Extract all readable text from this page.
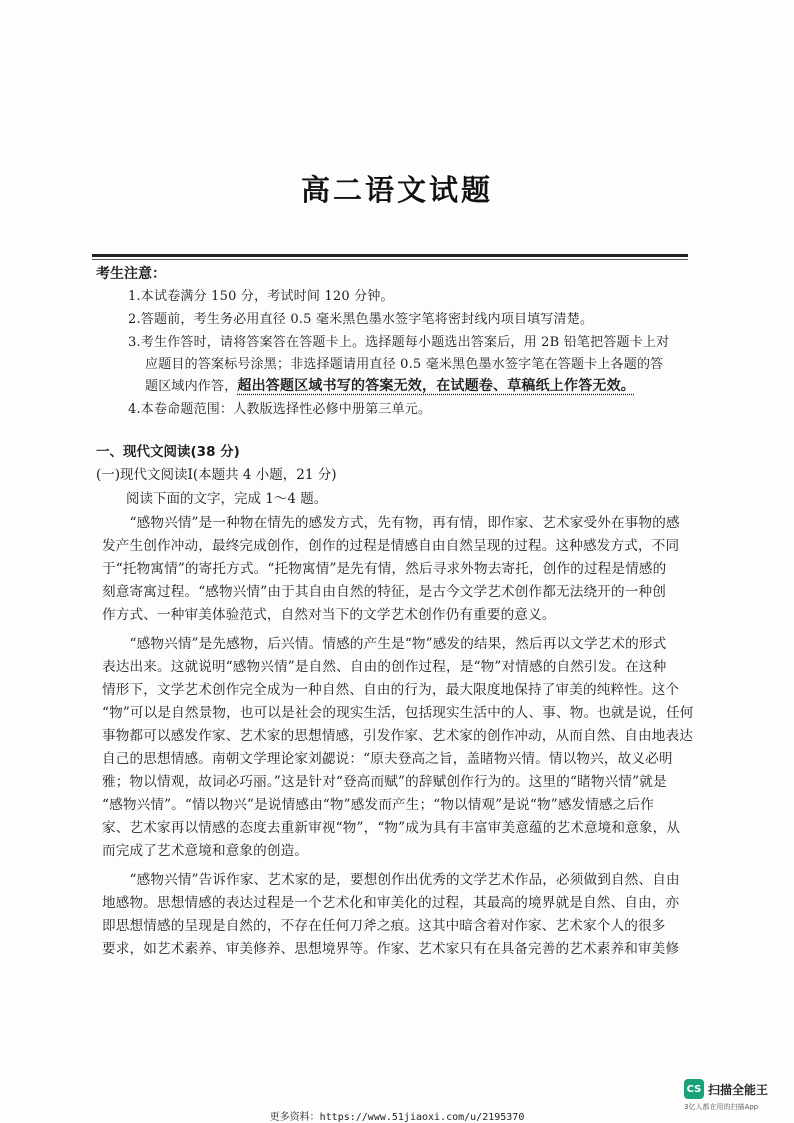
高二语文试题
考生注意：
1.本试卷满分 150 分，考试时间 120 分钟。
2.答题前，考生务必用直径 0.5 毫米黑色墨水签字笔将密封线内项目填写清楚。
3.考生作答时，请将答案答在答题卡上。选择题每小题选出答案后，用 2B 铅笔把答题卡上对
应题目的答案标号涂黑；非选择题请用直径 0.5 毫米黑色墨水签字笔在答题卡上各题的答
题区域内作答，超出答题区域书写的答案无效，在试题卷、草稿纸上作答无效。
4.本卷命题范围：人教版选择性必修中册第三单元。
一、现代文阅读(38 分)
(一)现代文阅读Ⅰ(本题共 4 小题，21 分)
阅读下面的文字，完成 1～4 题。
　　“感物兴情”是一种物在情先的感发方式，先有物，再有情，即作家、艺术家受外在事物的感
发产生创作冲动，最终完成创作，创作的过程是情感自由自然呈现的过程。这种感发方式，不同
于“托物寓情”的寄托方式。“托物寓情”是先有情，然后寻求外物去寄托，创作的过程是情感的
刻意寄寓过程。“感物兴情”由于其自由自然的特征，是古今文学艺术创作都无法绕开的一种创
作方式、一种审美体验范式，自然对当下的文学艺术创作仍有重要的意义。
　　“感物兴情”是先感物，后兴情。情感的产生是“物”感发的结果，然后再以文学艺术的形式
表达出来。这就说明“感物兴情”是自然、自由的创作过程，是“物”对情感的自然引发。在这种
情形下，文学艺术创作完全成为一种自然、自由的行为，最大限度地保持了审美的纯粹性。这个
“物”可以是自然景物，也可以是社会的现实生活，包括现实生活中的人、事、物。也就是说，任何
事物都可以感发作家、艺术家的思想情感，引发作家、艺术家的创作冲动，从而自然、自由地表达
自己的思想情感。南朝文学理论家刘勰说：“原夫登高之旨，盖睹物兴情。情以物兴，故义必明
雅；物以情观，故词必巧丽。”这是针对“登高而赋”的辞赋创作行为的。这里的“睹物兴情”就是
“感物兴情”。“情以物兴”是说情感由“物”感发而产生；“物以情观”是说“物”感发情感之后作
家、艺术家再以情感的态度去重新审视“物”，“物”成为具有丰富审美意蕴的艺术意境和意象，从
而完成了艺术意境和意象的创造。
　　“感物兴情”告诉作家、艺术家的是，要想创作出优秀的文学艺术作品，必须做到自然、自由
地感物。思想情感的表达过程是一个艺术化和审美化的过程，其最高的境界就是自然、自由，亦
即思想情感的呈现是自然的，不存在任何刀斧之痕。这其中暗含着对作家、艺术家个人的很多
要求，如艺术素养、审美修养、思想境界等。作家、艺术家只有在具备完善的艺术素养和审美修
CS 扫描全能王
3亿人都在用的扫描App
更多资料：https://www.51jiaoxi.com/u/2195370
